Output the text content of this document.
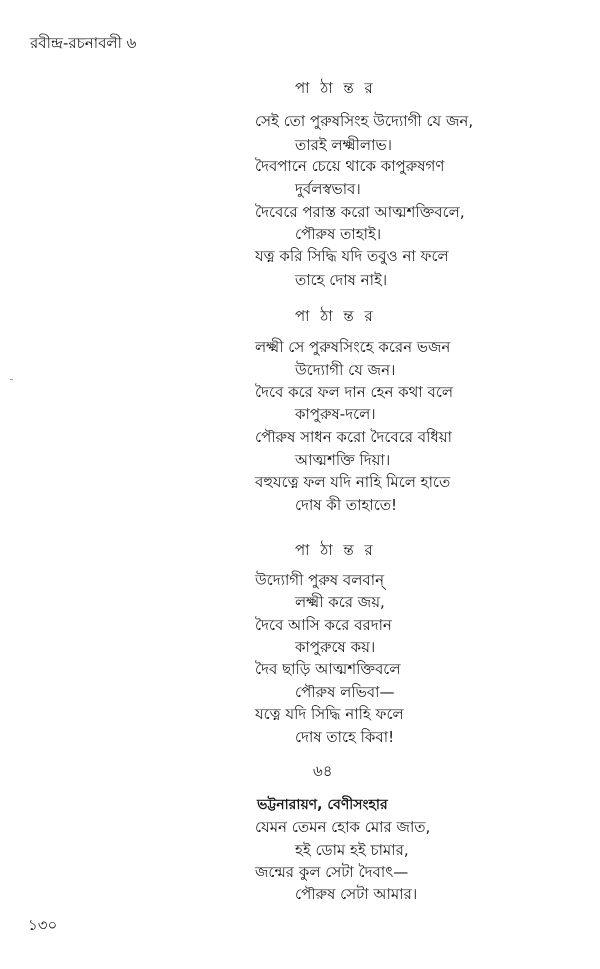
রবীন্দ্র-রচনাবলী ৬
পা ঠা ন্ত র
সেই তো পুরুষসিংহ উদ্যোগী যে জন,
তারই লক্ষ্মীলাভ।
দৈবপানে চেয়ে থাকে কাপুরুষগণ
দুর্বলস্বভাব।
দৈবেরে পরাস্ত করো আত্মশক্তিবলে,
পৌরুষ তাহাই।
যত্ন করি সিদ্ধি যদি তবুও না ফলে
তাহে দোষ নাই।
পা ঠা ন্ত র
লক্ষ্মী সে পুরুষসিংহে করেন ভজন
উদ্যোগী যে জন।
দৈবে করে ফল দান হেন কথা বলে
কাপুরুষ-দলে।
পৌরুষ সাধন করো দৈবেরে বধিয়া
আত্মশক্তি দিয়া।
বহুযত্নে ফল যদি নাহি মিলে হাতে
দোষ কী তাহাতে!
পা ঠা ন্ত র
উদ্যোগী পুরুষ বলবান্‌
লক্ষ্মী করে জয়,
দৈবে আসি করে বরদান
কাপুরুষে কয়।
দৈব ছাড়ি আত্মশক্তিবলে
পৌরুষ লভিবা—
যত্নে যদি সিদ্ধি নাহি ফলে
দোষ তাহে কিবা!
৬৪
ভট্টনারায়ণ, বেণীসংহার
যেমন তেমন হোক মোর জাত,
হই ডোম হই চামার,
জন্মের কুল সেটা দৈবাৎ—
পৌরুষ সেটা আমার।
১৩০
